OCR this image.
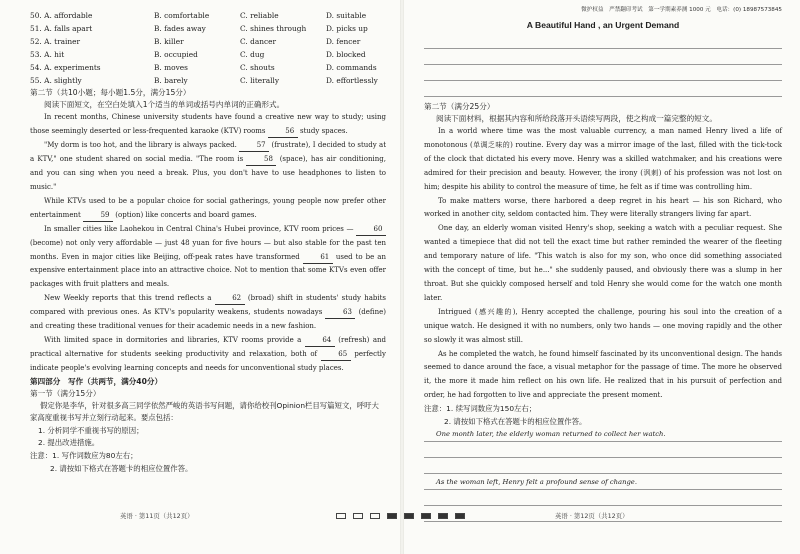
50. A. affordable	B. comfortable	C. reliable	D. suitable
51. A. falls apart	B. fades away	C. shines through	D. picks up
52. A. trainer	B. killer	C. dancer	D. fencer
53. A. hit	B. occupied	C. dug	D. blocked
54. A. experiments	B. moves	C. shouts	D. commands
55. A. slightly	B. barely	C. literally	D. effortlessly
第二节（共10小题；每小题1.5分，满分15分）
阅读下面短文，在空白处填入1个适当的单词或括号内单词的正确形式。

In recent months, Chinese university students have found a creative new way to study; using those seemingly deserted or less-frequented karaoke (KTV) rooms	56 study spaces.

"My dorm is too hot, and the library is always packed.	57 (frustrate), I decided to study at a KTV," one student shared on social media. "The room is	58 (space), has air conditioning, and you can sing when you need a break. Plus, you don't have to use headphones to listen to music."

While KTVs used to be a popular choice for social gatherings, young people now prefer other entertainment	59 (option) like concerts and board games.

In smaller cities like Laohekou in Central China's Hubei province, KTV room prices —	60 (become) not only very affordable — just 48 yuan for five hours — but also stable for the past ten months. Even in major cities like Beijing, off-peak rates have transformed	61 used to be an expensive entertainment place into an attractive choice. Not to mention that some KTVs even offer packages with fruit platters and meals.

New Weekly reports that this trend reflects a	62 (broad) shift in students' study habits compared with previous ones. As KTV's popularity weakens, students nowadays	63 (define) and creating these traditional venues for their academic needs in a new fashion.

With limited space in dormitories and libraries, KTV rooms provide a	64 (refresh) and practical alternative for students seeking productivity and relaxation, both of	65 perfectly indicate people's evolving learning concepts and needs for unconventional study places.

第四部分　写作（共两节，满分40分）
第一节（满分15分）
假定你是李华，针对很多高三同学依然严峻的英语书写问题，请你给校刊Opinion栏目写篇短文，呼吁大家高度重视书写并立刻行动起来。要点包括：
1. 分析同学不重视书写的原因；
2. 提出改进措施。
注意：1. 写作词数应为80左右；
2. 请按如下格式在答题卡的相应位置作答。
微护权益　严禁翻印考试　第一学期素养测 1000 元　电话：(0) 18987573845
A Beautiful Hand , an Urgent Demand
第二节（满分25分）
阅读下面材料，根据其内容和所给段落开头语续写两段，使之构成一篇完整的短文。

In a world where time was the most valuable currency, a man named Henry lived a life of monotonous (单调乏味的) routine. Every day was a mirror image of the last, filled with the tick-tock of the clock that dictated his every move. Henry was a skilled watchmaker, and his creations were admired for their precision and beauty. However, the irony (讽刺) of his profession was not lost on him; despite his ability to control the measure of time, he felt as if time was controlling him.

To make matters worse, there harbored a deep regret in his heart — his son Richard, who worked in another city, seldom contacted him. They were literally strangers living far apart.

One day, an elderly woman visited Henry's shop, seeking a watch with a peculiar request. She wanted a timepiece that did not tell the exact time but rather reminded the wearer of the fleeting and temporary nature of life. "This watch is also for my son, who once did something associated with the concept of time, but he..." she suddenly paused, and obviously there was a slump in her throat. But she quickly composed herself and told Henry she would come for the watch one month later.

Intrigued (感兴趣的), Henry accepted the challenge, pouring his soul into the creation of a unique watch. He designed it with no numbers, only two hands — one moving rapidly and the other so slowly it was almost still.

As he completed the watch, he found himself fascinated by its unconventional design. The hands seemed to dance around the face, a visual metaphor for the passage of time. The more he observed it, the more it made him reflect on his own life. He realized that in his pursuit of perfection and order, he had forgotten to live and appreciate the present moment.

注意：1. 续写词数应为150左右；
2. 请按如下格式在答题卡的相应位置作答。
One month later, the elderly woman returned to collect her watch.
As the woman left, Henry felt a profound sense of change.
英语 · 第11页（共12页）	英语 · 第12页（共12页）
